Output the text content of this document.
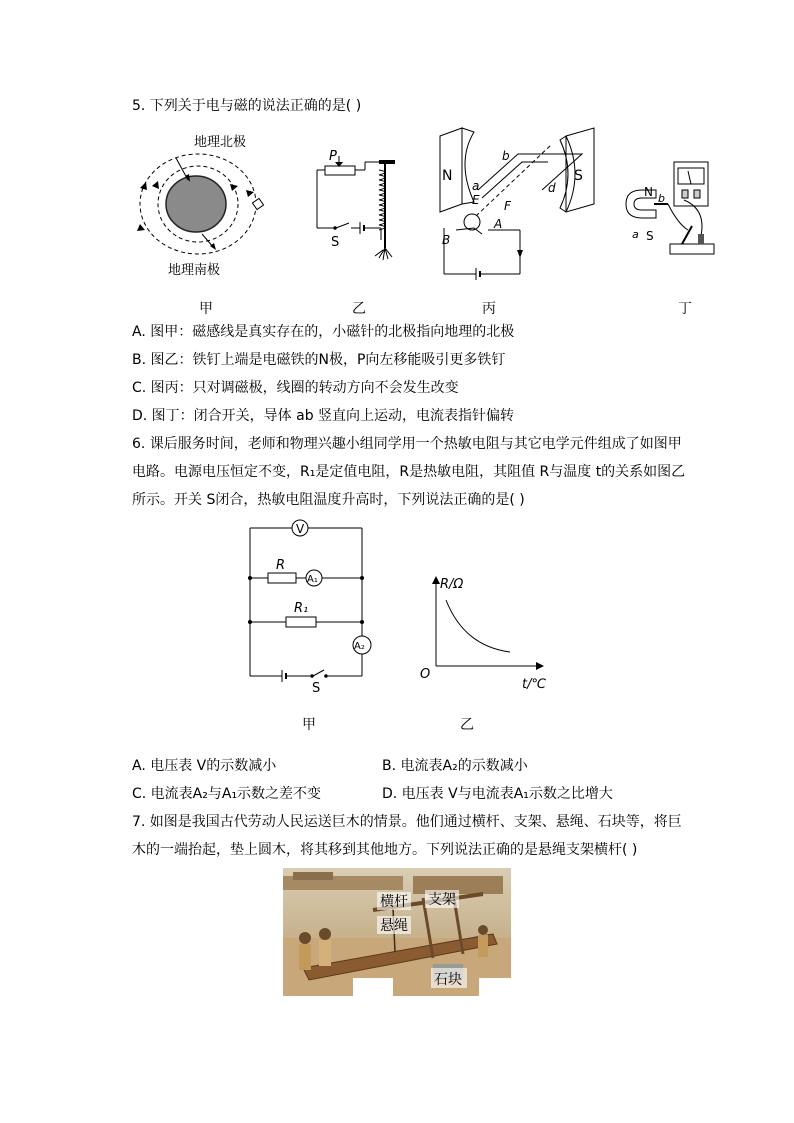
5. 下列关于电与磁的说法正确的是( )
地理北极
地理南极
P
S
N	S
a
b
d
E F
B
A
N b
a S
甲	乙	丙	丁
A. 图甲：磁感线是真实存在的，小磁针的北极指向地理的北极
B. 图乙：铁钉上端是电磁铁的N极，P向左移能吸引更多铁钉
C. 图丙：只对调磁极，线圈的转动方向不会发生改变
D. 图丁：闭合开关，导体 ab 竖直向上运动，电流表指针偏转
6. 课后服务时间，老师和物理兴趣小组同学用一个热敏电阻与其它电学元件组成了如图甲
电路。电源电压恒定不变，R₁是定值电阻，R是热敏电阻，其阻值 R与温度 t的关系如图乙
所示。开关 S闭合，热敏电阻温度升高时，下列说法正确的是( )
V
R
A₁
R₁
A₂
S
R/Ω
t/℃
O
甲	乙
A. 电压表 V的示数减小	B. 电流表A₂的示数减小
C. 电流表A₂与A₁示数之差不变	D. 电压表 V与电流表A₁示数之比增大
7. 如图是我国古代劳动人民运送巨木的情景。他们通过横杆、支架、悬绳、石块等，将巨
木的一端抬起，垫上圆木，将其移到其他地方。下列说法正确的是悬绳支架横杆( )
横杆 支架
悬绳
石块
